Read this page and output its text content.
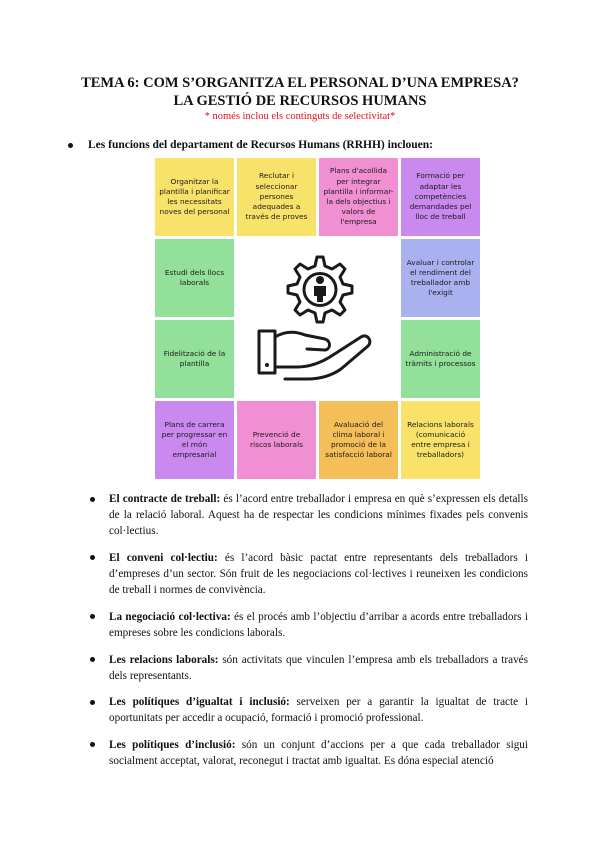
TEMA 6: COM S’ORGANITZA EL PERSONAL D’UNA EMPRESA?
LA GESTIÓ DE RECURSOS HUMANS
* només inclou els continguts de selectivitat*
Les funcions del departament de Recursos Humans (RRHH) inclouen:
Organitzar la plantilla i planificar les necessitats noves del personal
Reclutar i seleccionar persones adequades a través de proves
Plans d'acollida per integrar plantilla i informar-la dels objectius i valors de l'empresa
Formació per adaptar les competències demandades pel lloc de treball
Estudi dels llocs laborals
Avaluar i controlar el rendiment del treballador amb l'exigit
Fidelització de la plantilla
Administració de tràmits i processos
Plans de carrera per progressar en el món empresarial
Prevenció de riscos laborals
Avaluació del clima laboral i promoció de la satisfacció laboral
Relacions laborals (comunicació entre empresa i treballadors)
El contracte de treball: és l’acord entre treballador i empresa en què s’expressen els detalls de la relació laboral. Aquest ha de respectar les condicions mínimes fixades pels convenis col·lectius.
El conveni col·lectiu: és l’acord bàsic pactat entre representants dels treballadors i d’empreses d’un sector. Són fruit de les negociacions col·lectives i reuneixen les condicions de treball i normes de convivència.
La negociació col·lectiva: és el procés amb l’objectiu d’arribar a acords entre treballadors i empreses sobre les condicions laborals.
Les relacions laborals: són activitats que vinculen l’empresa amb els treballadors a través dels representants.
Les polítiques d’igualtat i inclusió: serveixen per a garantir la igualtat de tracte i oportunitats per accedir a ocupació, formació i promoció professional.
Les polítiques d’inclusió: són un conjunt d’accions per a que cada treballador sigui socialment acceptat, valorat, reconegut i tractat amb igualtat. Es dóna especial atenció
